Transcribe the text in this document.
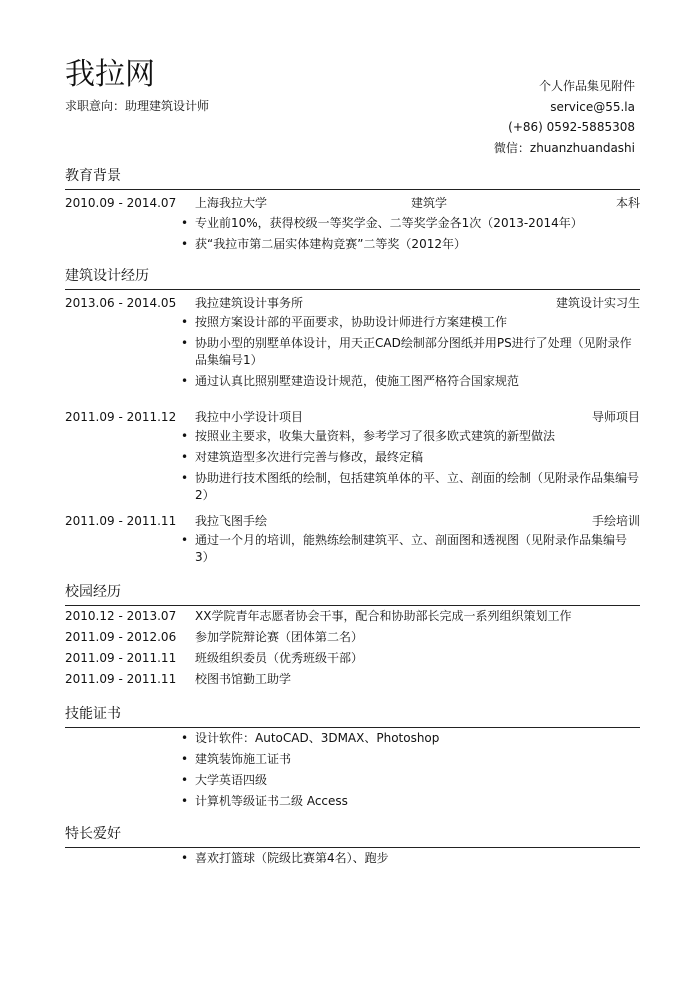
我拉网
求职意向：助理建筑设计师
个人作品集见附件
service@55.la
(+86) 0592-5885308
微信：zhuanzhuandashi
教育背景
2010.09 - 2014.07	上海我拉大学	建筑学	本科
• 专业前10%，获得校级一等奖学金、二等奖学金各1次（2013-2014年）
• 获“我拉市第二届实体建构竞赛”二等奖（2012年）
建筑设计经历
2013.06 - 2014.05	我拉建筑设计事务所	建筑设计实习生
• 按照方案设计部的平面要求，协助设计师进行方案建模工作
• 协助小型的别墅单体设计，用天正CAD绘制部分图纸并用PS进行了处理（见附录作品集编号1）
• 通过认真比照别墅建造设计规范，使施工图严格符合国家规范
2011.09 - 2011.12	我拉中小学设计项目	导师项目
• 按照业主要求，收集大量资料，参考学习了很多欧式建筑的新型做法
• 对建筑造型多次进行完善与修改，最终定稿
• 协助进行技术图纸的绘制，包括建筑单体的平、立、剖面的绘制（见附录作品集编号2）
2011.09 - 2011.11	我拉飞图手绘	手绘培训
• 通过一个月的培训，能熟练绘制建筑平、立、剖面图和透视图（见附录作品集编号3）
校园经历
2010.12 - 2013.07	XX学院青年志愿者协会干事，配合和协助部长完成一系列组织策划工作
2011.09 - 2012.06	参加学院辩论赛（团体第二名）
2011.09 - 2011.11	班级组织委员（优秀班级干部）
2011.09 - 2011.11	校图书馆勤工助学
技能证书
• 设计软件：AutoCAD、3DMAX、Photoshop
• 建筑装饰施工证书
• 大学英语四级
• 计算机等级证书二级 Access
特长爱好
• 喜欢打篮球（院级比赛第4名）、跑步
